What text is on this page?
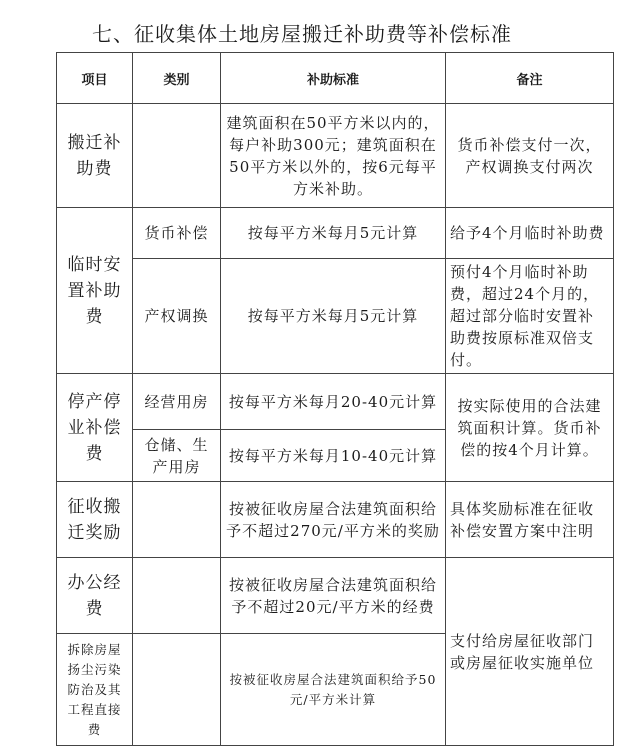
七、征收集体土地房屋搬迁补助费等补偿标准
项目	类别	补助标准	备注
搬迁补助费		建筑面积在50平方米以内的，每户补助300元；建筑面积在50平方米以外的，按6元每平方米补助。	货币补偿支付一次，产权调换支付两次
临时安置补助费	货币补偿	按每平方米每月5元计算	给予4个月临时补助费
	产权调换	按每平方米每月5元计算	预付4个月临时补助费，超过24个月的，超过部分临时安置补助费按原标准双倍支付。
停产停业补偿费	经营用房	按每平方米每月20-40元计算	按实际使用的合法建筑面积计算。货币补偿的按4个月计算。
	仓储、生产用房	按每平方米每月10-40元计算	
征收搬迁奖励		按被征收房屋合法建筑面积给予不超过270元/平方米的奖励	具体奖励标准在征收补偿安置方案中注明
办公经费		按被征收房屋合法建筑面积给予不超过20元/平方米的经费	支付给房屋征收部门或房屋征收实施单位
拆除房屋扬尘污染防治及其工程直接费		按被征收房屋合法建筑面积给予50元/平方米计算	
